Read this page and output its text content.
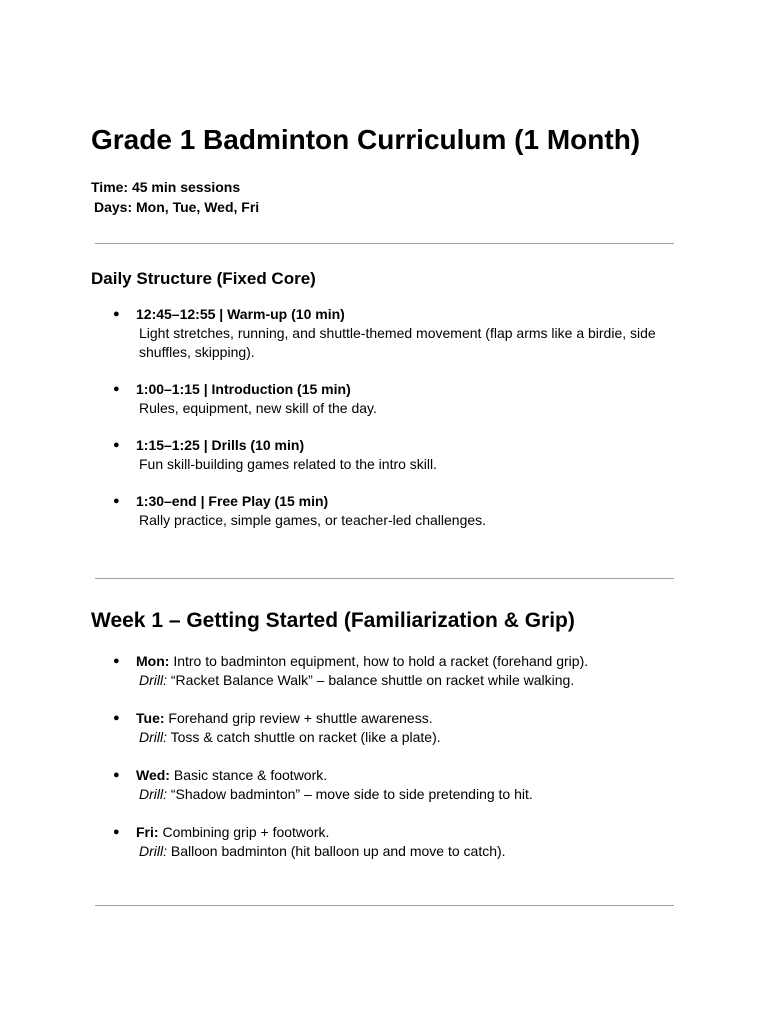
Grade 1 Badminton Curriculum (1 Month)
Time: 45 min sessions
Days: Mon, Tue, Wed, Fri
Daily Structure (Fixed Core)
● 12:45–12:55 | Warm-up (10 min)
Light stretches, running, and shuttle-themed movement (flap arms like a birdie, side shuffles, skipping).
● 1:00–1:15 | Introduction (15 min)
Rules, equipment, new skill of the day.
● 1:15–1:25 | Drills (10 min)
Fun skill-building games related to the intro skill.
● 1:30–end | Free Play (15 min)
Rally practice, simple games, or teacher-led challenges.
Week 1 – Getting Started (Familiarization & Grip)
● Mon: Intro to badminton equipment, how to hold a racket (forehand grip).
Drill: “Racket Balance Walk” – balance shuttle on racket while walking.
● Tue: Forehand grip review + shuttle awareness.
Drill: Toss & catch shuttle on racket (like a plate).
● Wed: Basic stance & footwork.
Drill: “Shadow badminton” – move side to side pretending to hit.
● Fri: Combining grip + footwork.
Drill: Balloon badminton (hit balloon up and move to catch).
